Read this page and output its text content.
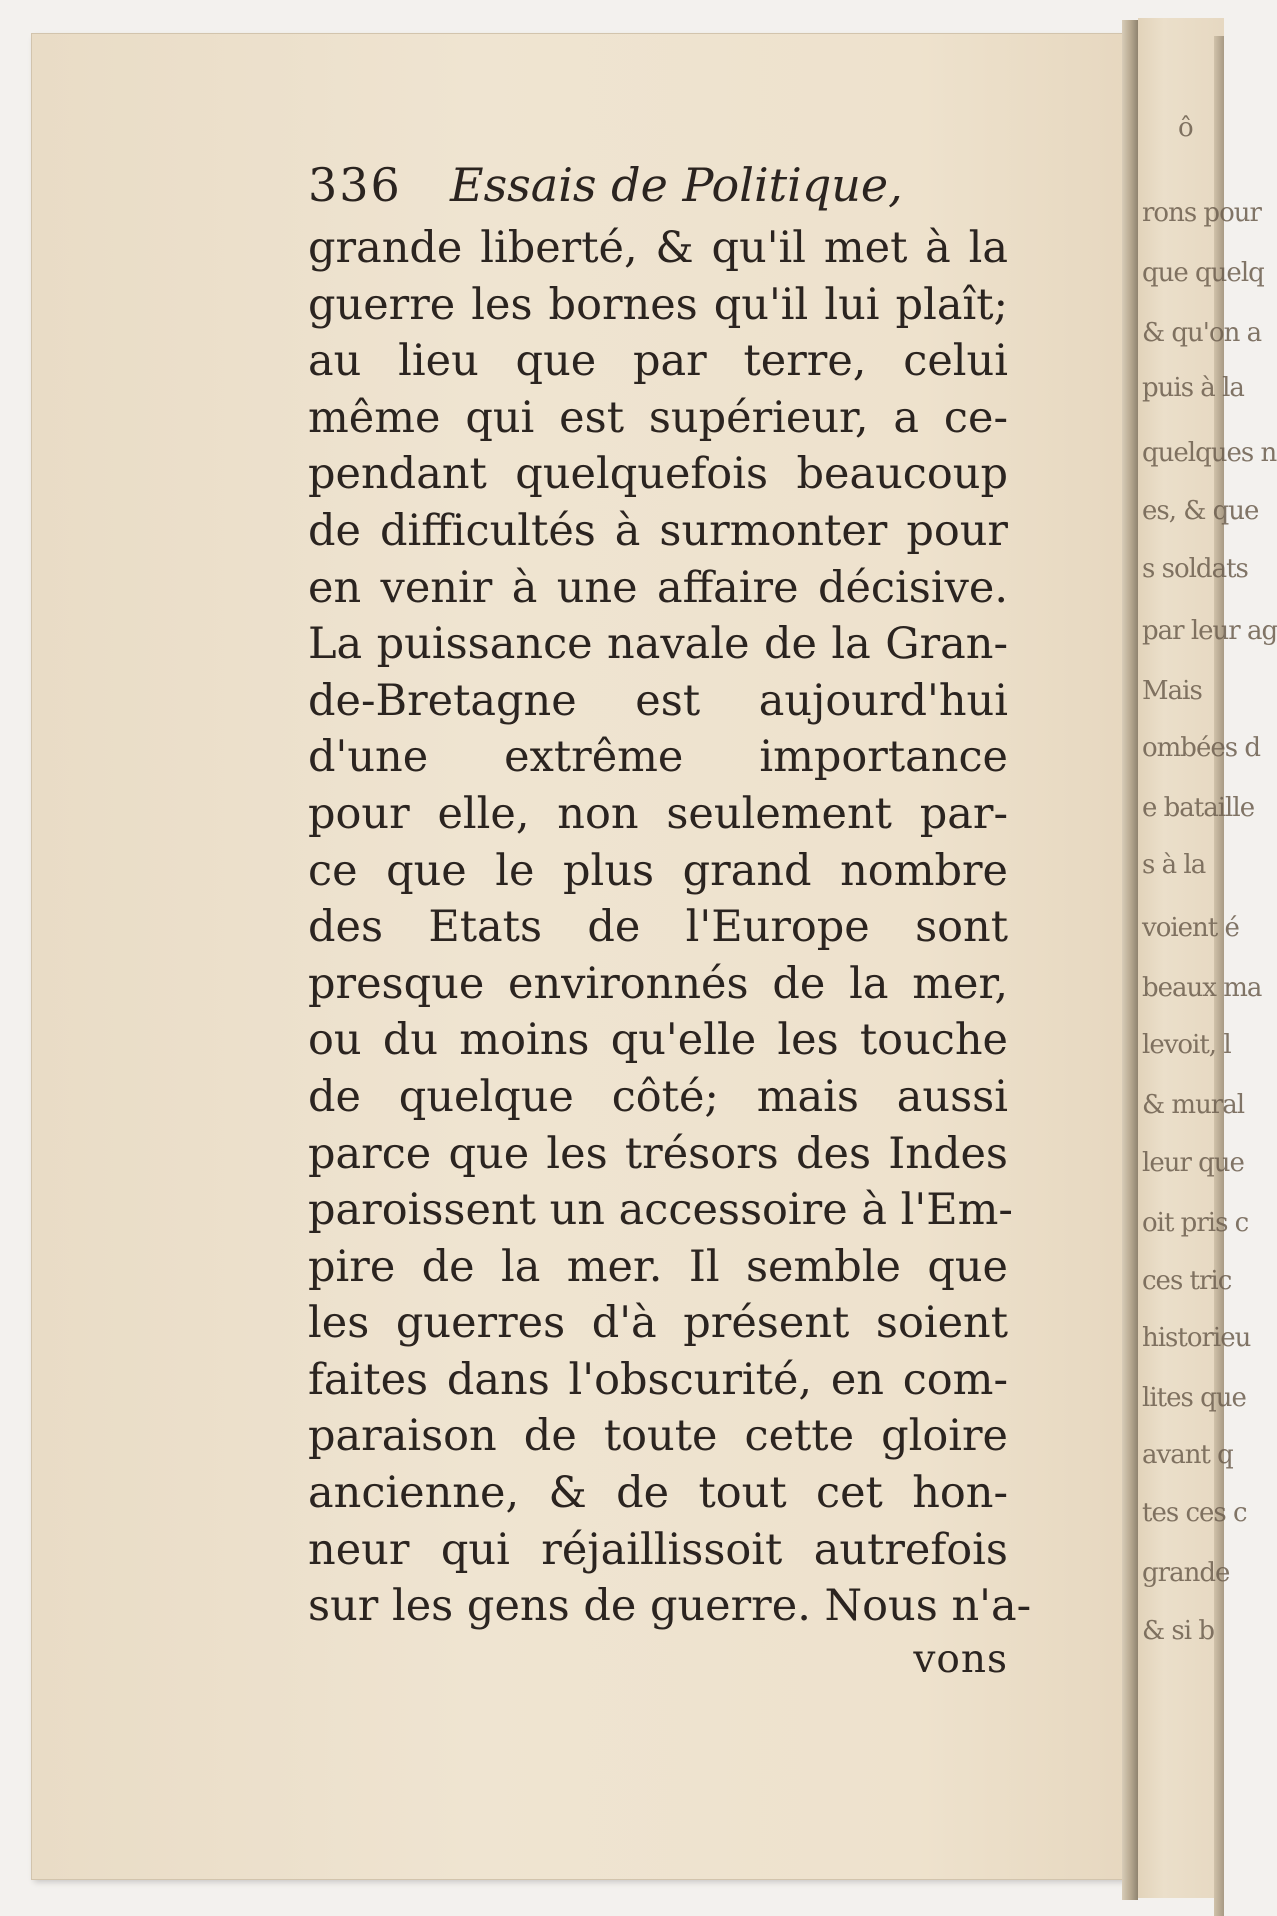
ô
rons pour
que quelq
& qu'on a
puis à la
quelques n
es, & que
s soldats
par leur ag
Mais
ombées d
e bataille
s à la
voient é
beaux ma
levoit, l
& mural
leur que
oit pris c
ces tric
historieu
lites que
avant q
tes ces c
grande
& si b
336 Essais de Politique,
grande liberté, & qu'il met à la
guerre les bornes qu'il lui plaît;
au lieu que par terre, celui
même qui est supérieur, a ce-
pendant quelquefois beaucoup
de difficultés à surmonter pour
en venir à une affaire décisive.
La puissance navale de la Gran-
de-Bretagne est aujourd'hui
d'une extrême importance
pour elle, non seulement par-
ce que le plus grand nombre
des Etats de l'Europe sont
presque environnés de la mer,
ou du moins qu'elle les touche
de quelque côté; mais aussi
parce que les trésors des Indes
paroissent un accessoire à l'Em-
pire de la mer. Il semble que
les guerres d'à présent soient
faites dans l'obscurité, en com-
paraison de toute cette gloire
ancienne, & de tout cet hon-
neur qui réjaillissoit autrefois
sur les gens de guerre. Nous n'a-
vons
